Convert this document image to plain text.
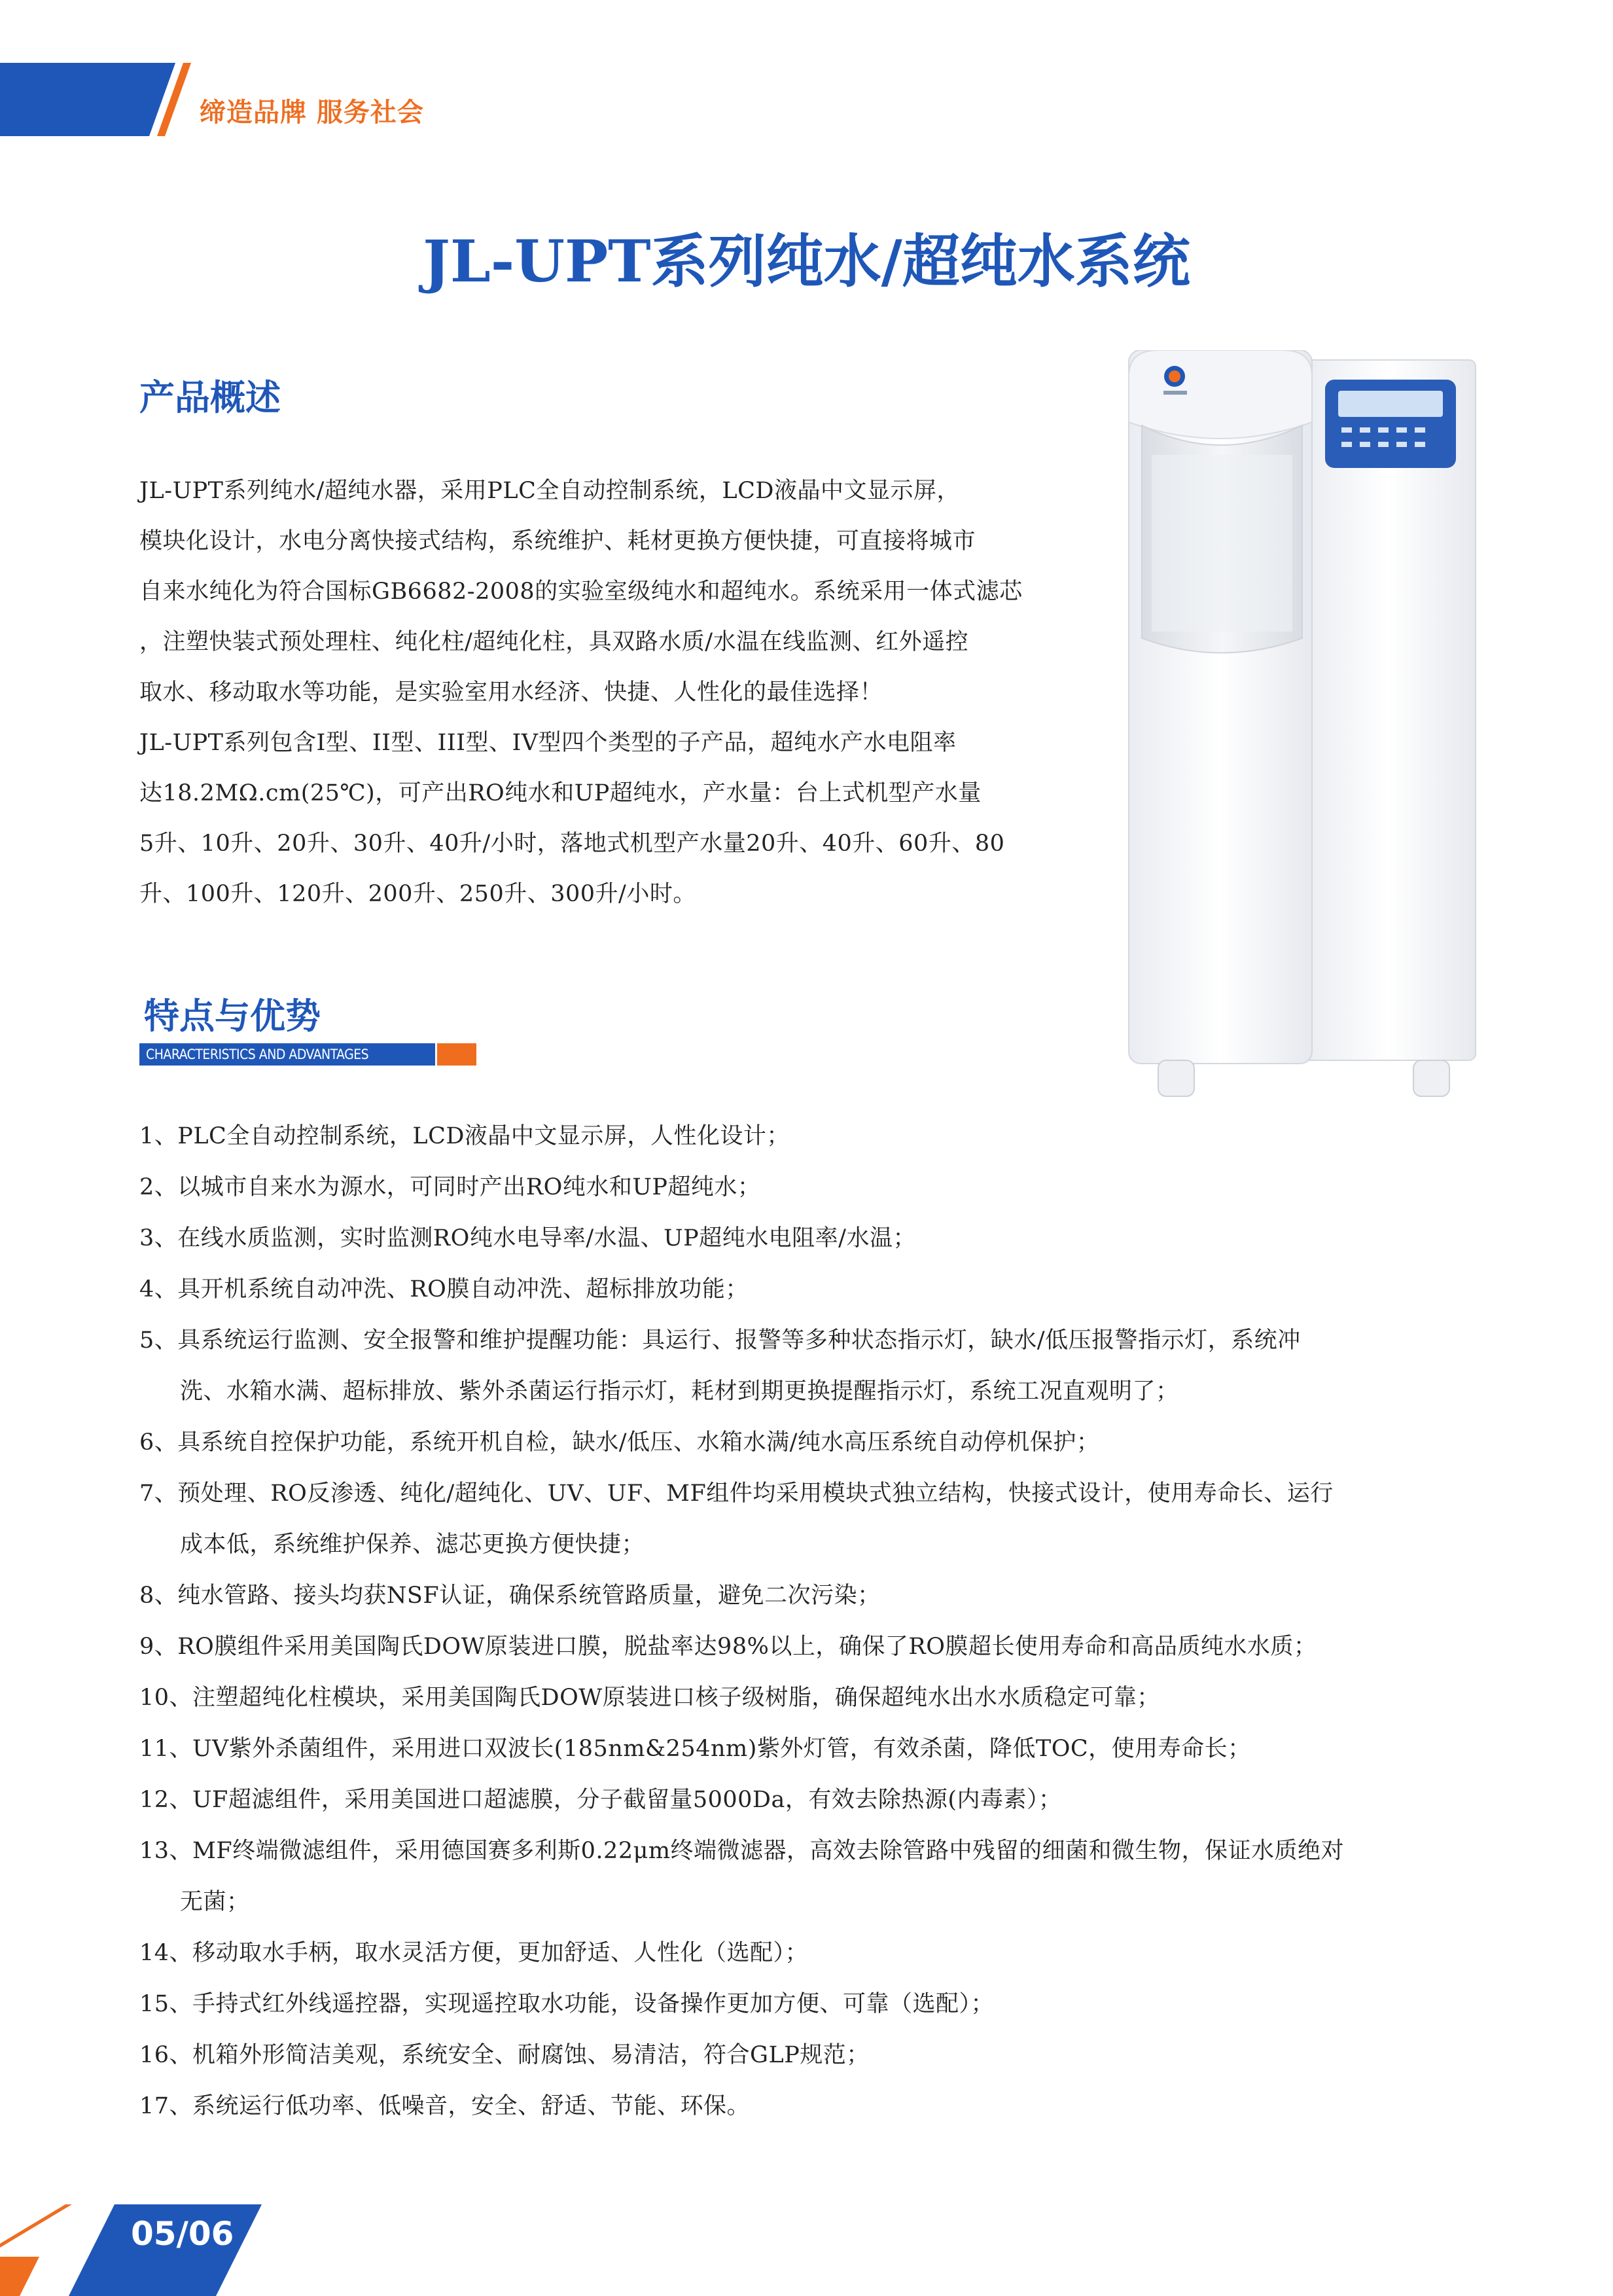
缔造品牌 服务社会
JL-UPT系列纯水/超纯水系统
产品概述

JL-UPT系列纯水/超纯水器，采用PLC全自动控制系统，LCD液晶中文显示屏，

模块化设计，水电分离快接式结构，系统维护、耗材更换方便快捷，可直接将城市

自来水纯化为符合国标GB6682-2008的实验室级纯水和超纯水。系统采用一体式滤芯

，注塑快装式预处理柱、纯化柱/超纯化柱，具双路水质/水温在线监测、红外遥控

取水、移动取水等功能，是实验室用水经济、快捷、人性化的最佳选择！

JL-UPT系列包含I型、II型、III型、IV型四个类型的子产品，超纯水产水电阻率

达18.2MΩ.cm(25℃)，可产出RO纯水和UP超纯水，产水量：台上式机型产水量

5升、10升、20升、30升、40升/小时，落地式机型产水量20升、40升、60升、80

升、100升、120升、200升、250升、300升/小时。

特点与优势
CHARACTERISTICS AND ADVANTAGES
1、PLC全自动控制系统，LCD液晶中文显示屏，人性化设计；
2、以城市自来水为源水，可同时产出RO纯水和UP超纯水；
3、在线水质监测，实时监测RO纯水电导率/水温、UP超纯水电阻率/水温；
4、具开机系统自动冲洗、RO膜自动冲洗、超标排放功能；
5、具系统运行监测、安全报警和维护提醒功能：具运行、报警等多种状态指示灯，缺水/低压报警指示灯，系统冲
洗、水箱水满、超标排放、紫外杀菌运行指示灯，耗材到期更换提醒指示灯，系统工况直观明了；
6、具系统自控保护功能，系统开机自检，缺水/低压、水箱水满/纯水高压系统自动停机保护；
7、预处理、RO反渗透、纯化/超纯化、UV、UF、MF组件均采用模块式独立结构，快接式设计，使用寿命长、运行
成本低，系统维护保养、滤芯更换方便快捷；
8、纯水管路、接头均获NSF认证，确保系统管路质量，避免二次污染；
9、RO膜组件采用美国陶氏DOW原装进口膜，脱盐率达98%以上，确保了RO膜超长使用寿命和高品质纯水水质；
10、注塑超纯化柱模块，采用美国陶氏DOW原装进口核子级树脂，确保超纯水出水水质稳定可靠；
11、UV紫外杀菌组件，采用进口双波长(185nm&254nm)紫外灯管，有效杀菌，降低TOC，使用寿命长；
12、UF超滤组件，采用美国进口超滤膜，分子截留量5000Da，有效去除热源(内毒素）；
13、MF终端微滤组件，采用德国赛多利斯0.22μm终端微滤器，高效去除管路中残留的细菌和微生物，保证水质绝对
无菌；
14、移动取水手柄，取水灵活方便，更加舒适、人性化（选配）；
15、手持式红外线遥控器，实现遥控取水功能，设备操作更加方便、可靠（选配）；
16、机箱外形简洁美观，系统安全、耐腐蚀、易清洁，符合GLP规范；
17、系统运行低功率、低噪音，安全、舒适、节能、环保。
05/06
